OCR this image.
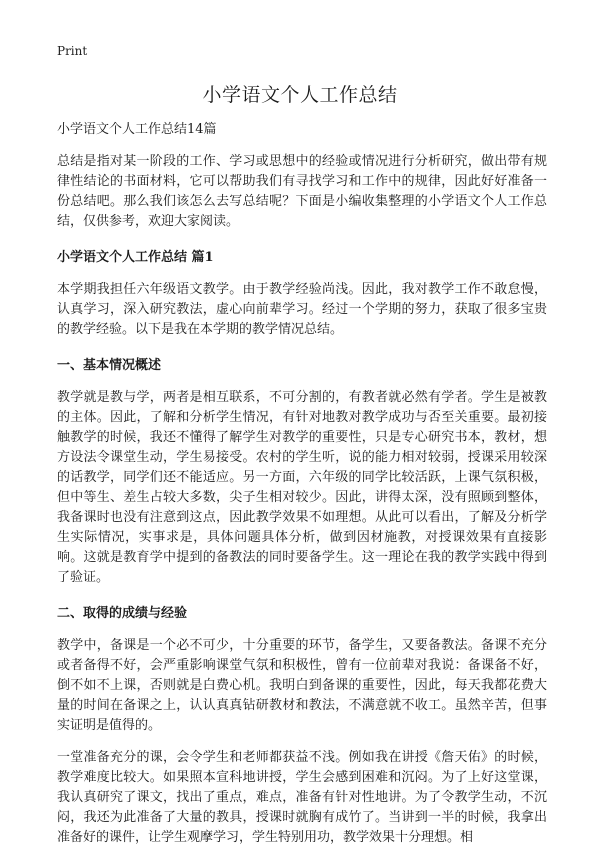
Print
小学语文个人工作总结

小学语文个人工作总结14篇

总结是指对某一阶段的工作、学习或思想中的经验或情况进行分析研究，做出带有规律性结论的书面材料，它可以帮助我们有寻找学习和工作中的规律，因此好好准备一份总结吧。那么我们该怎么去写总结呢？下面是小编收集整理的小学语文个人工作总结，仅供参考，欢迎大家阅读。

小学语文个人工作总结 篇1

本学期我担任六年级语文教学。由于教学经验尚浅。因此，我对教学工作不敢怠慢，认真学习，深入研究教法，虚心向前辈学习。经过一个学期的努力，获取了很多宝贵的教学经验。以下是我在本学期的教学情况总结。

一、基本情况概述

教学就是教与学，两者是相互联系，不可分割的，有教者就必然有学者。学生是被教的主体。因此，了解和分析学生情况，有针对地教对教学成功与否至关重要。最初接触教学的时候，我还不懂得了解学生对教学的重要性，只是专心研究书本，教材，想方设法令课堂生动，学生易接受。农村的学生听，说的能力相对较弱，授课采用较深的话教学，同学们还不能适应。另一方面，六年级的同学比较活跃，上课气氛积极，但中等生、差生占较大多数，尖子生相对较少。因此，讲得太深，没有照顾到整体，我备课时也没有注意到这点，因此教学效果不如理想。从此可以看出，了解及分析学生实际情况，实事求是，具体问题具体分析，做到因材施教，对授课效果有直接影响。这就是教育学中提到的备教法的同时要备学生。这一理论在我的教学实践中得到了验证。

二、取得的成绩与经验

教学中，备课是一个必不可少，十分重要的环节，备学生，又要备教法。备课不充分或者备得不好，会严重影响课堂气氛和积极性，曾有一位前辈对我说：备课备不好，倒不如不上课，否则就是白费心机。我明白到备课的重要性，因此，每天我都花费大量的时间在备课之上，认认真真钻研教材和教法，不满意就不收工。虽然辛苦，但事实证明是值得的。

一堂准备充分的课，会令学生和老师都获益不浅。例如我在讲授《詹天佑》的时候，教学难度比较大。如果照本宣科地讲授，学生会感到困难和沉闷。为了上好这堂课，我认真研究了课文，找出了重点，难点，准备有针对性地讲。为了令教学生动，不沉闷，我还为此准备了大量的教具，授课时就胸有成竹了。当讲到一半的时候，我拿出准备好的课件，让学生观摩学习，学生特别用功，教学效果十分理想。相
